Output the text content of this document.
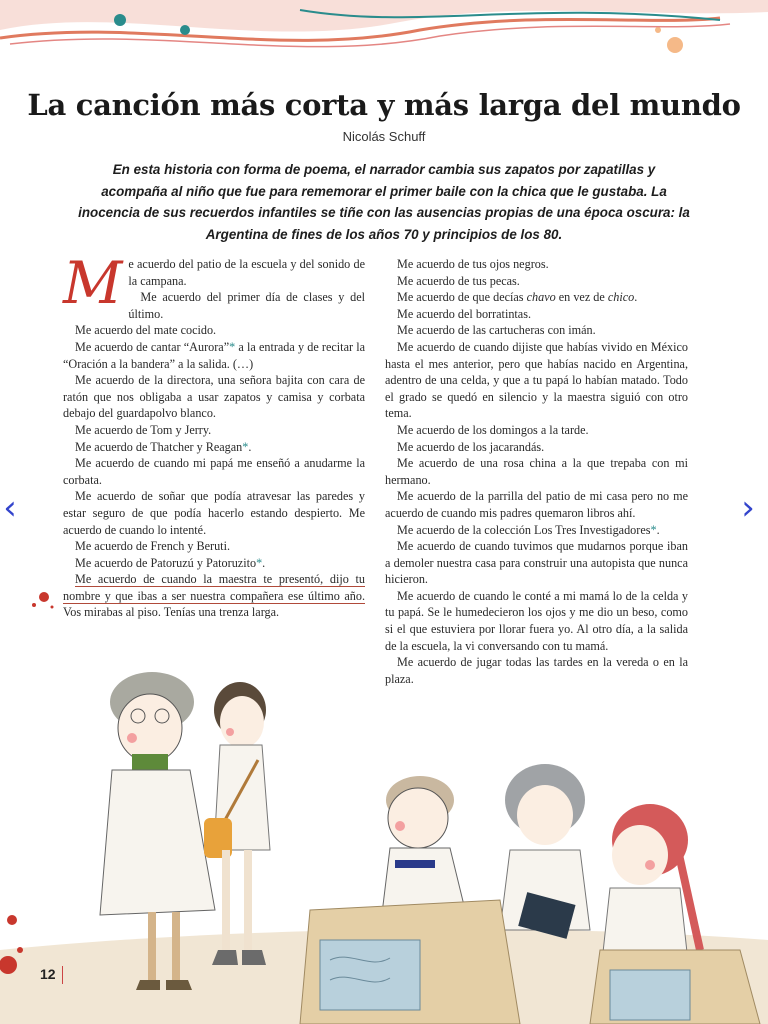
La canción más corta y más larga del mundo
Nicolás Schuff

En esta historia con forma de poema, el narrador cambia sus zapatos por zapatillas y acompaña al niño que fue para rememorar el primer baile con la chica que le gustaba. La inocencia de sus recuerdos infantiles se tiñe con las ausencias propias de una época oscura: la Argentina de fines de los años 70 y principios de los 80.

‹	›

Me acuerdo del patio de la escuela y del sonido de la campana.

Me acuerdo del primer día de clases y del último.

Me acuerdo del mate cocido.

Me acuerdo de cantar “Aurora”* a la entrada y de recitar la “Oración a la bandera” a la salida. (…)

Me acuerdo de la directora, una señora bajita con cara de ratón que nos obligaba a usar zapatos y camisa y corbata debajo del guardapolvo blanco.

Me acuerdo de Tom y Jerry.

Me acuerdo de Thatcher y Reagan*.

Me acuerdo de cuando mi papá me enseñó a anudarme la corbata.

Me acuerdo de soñar que podía atravesar las paredes y estar seguro de que podía hacerlo estando despierto. Me acuerdo de cuando lo intenté.

Me acuerdo de French y Beruti.

Me acuerdo de Patoruzú y Patoruzito*.

Me acuerdo de cuando la maestra te presentó, dijo tu nombre y que ibas a ser nuestra compañera ese último año. Vos mirabas al piso. Tenías una trenza larga.

Me acuerdo de tus ojos negros.

Me acuerdo de tus pecas.

Me acuerdo de que decías chavo en vez de chico.

Me acuerdo del borratintas.

Me acuerdo de las cartucheras con imán.

Me acuerdo de cuando dijiste que habías vivido en México hasta el mes anterior, pero que habías nacido en Argentina, adentro de una celda, y que a tu papá lo habían matado. Todo el grado se quedó en silencio y la maestra siguió con otro tema.

Me acuerdo de los domingos a la tarde.

Me acuerdo de los jacarandás.

Me acuerdo de una rosa china a la que trepaba con mi hermano.

Me acuerdo de la parrilla del patio de mi casa pero no me acuerdo de cuando mis padres quemaron libros ahí.

Me acuerdo de la colección Los Tres Investigadores*.

Me acuerdo de cuando tuvimos que mudarnos porque iban a demoler nuestra casa para construir una autopista que nunca hicieron.

Me acuerdo de cuando le conté a mi mamá lo de la celda y tu papá. Se le humedecieron los ojos y me dio un beso, como si el que estuviera por llorar fuera yo. Al otro día, a la salida de la escuela, la vi conversando con tu mamá.

Me acuerdo de jugar todas las tardes en la vereda o en la plaza.

12
